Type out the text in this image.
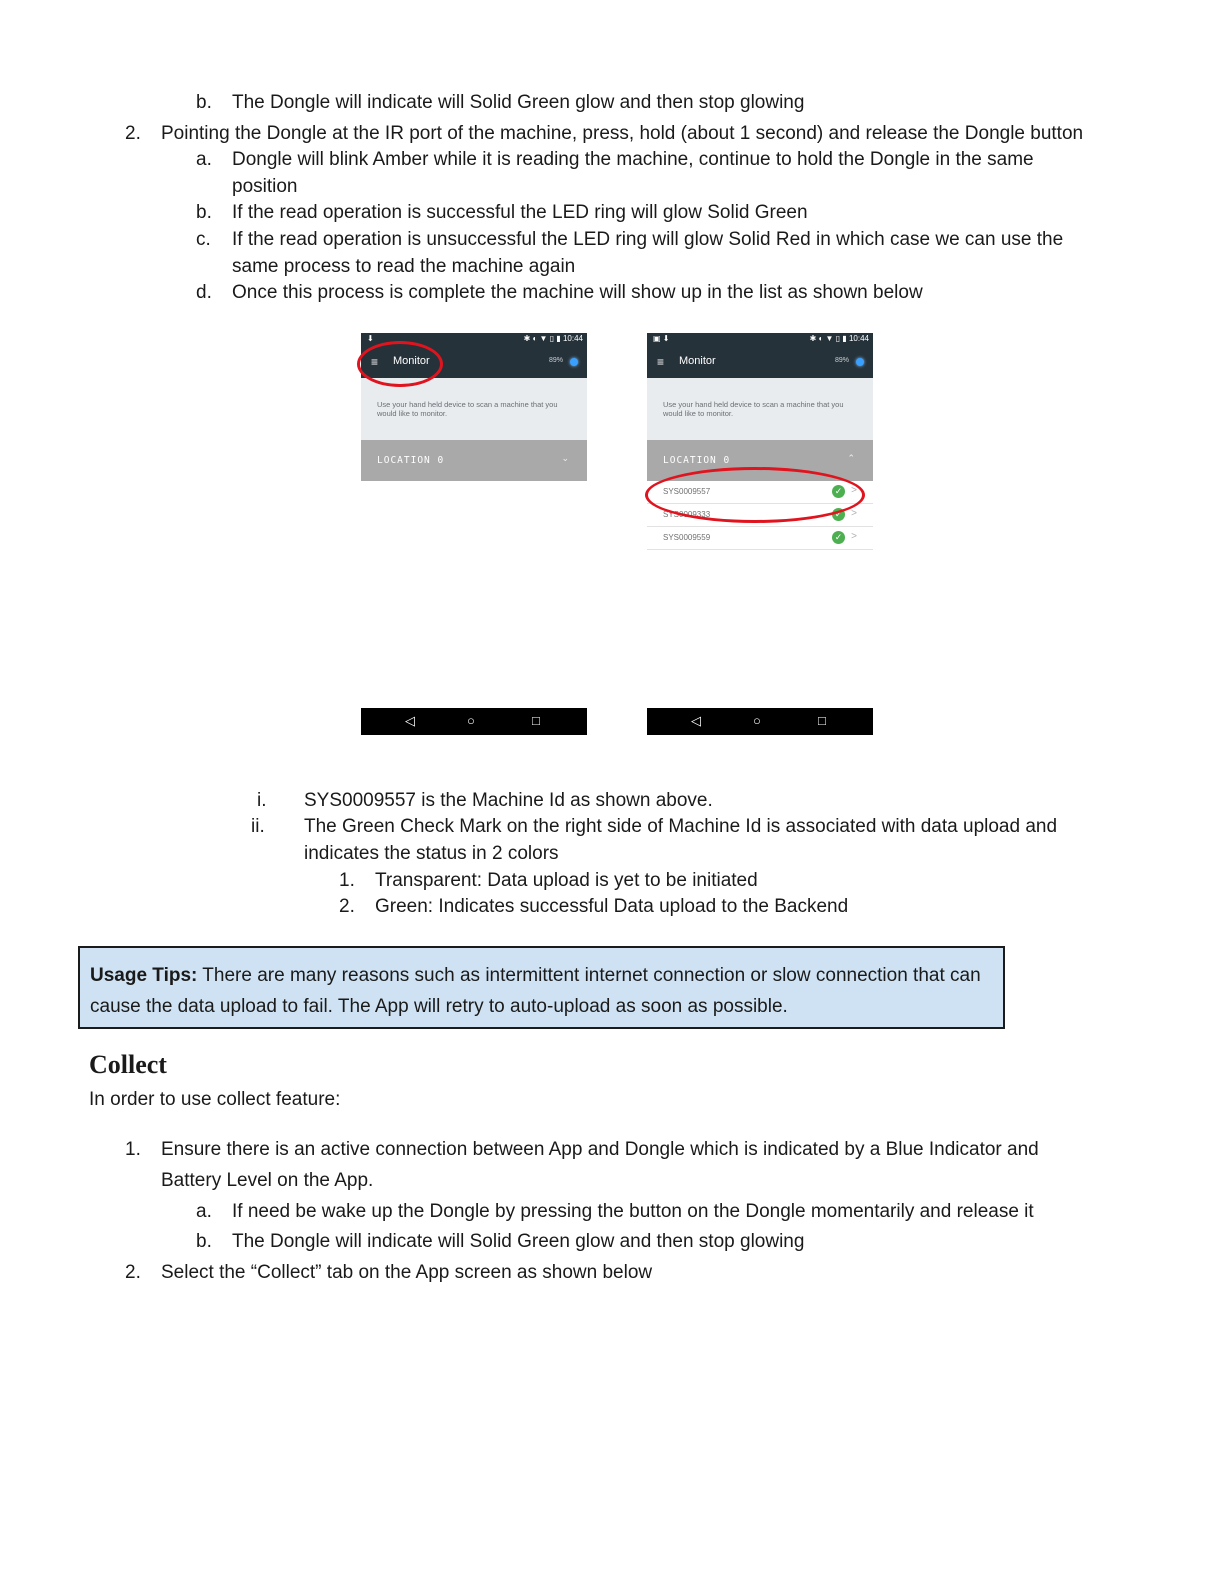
b. The Dongle will indicate will Solid Green glow and then stop glowing
2. Pointing the Dongle at the IR port of the machine, press, hold (about 1 second) and release the Dongle button
a. Dongle will blink Amber while it is reading the machine, continue to hold the Dongle in the same
position
b. If the read operation is successful the LED ring will glow Solid Green
c. If the read operation is unsuccessful the LED ring will glow Solid Red in which case we can use the
same process to read the machine again
d. Once this process is complete the machine will show up in the list as shown below
⬇	✱ ◐ ▼ ▯ ▮ 10:44
≡ Monitor	89%
Use your hand held device to scan a machine that you would like to monitor.
LOCATION 0	⌄
◁	○	□
▣ ⬇	✱ ◐ ▼ ▯ ▮ 10:44
≡ Monitor	89%
Use your hand held device to scan a machine that you would like to monitor.
LOCATION 0	⌃
SYS0009557	✓ >
SYS0009333	✓ >
SYS0009559	✓ >
◁	○	□
i. SYS0009557 is the Machine Id as shown above.
ii. The Green Check Mark on the right side of Machine Id is associated with data upload and
indicates the status in 2 colors
1. Transparent: Data upload is yet to be initiated
2. Green: Indicates successful Data upload to the Backend

Usage Tips: There are many reasons such as intermittent internet connection or slow connection that can cause the data upload to fail. The App will retry to auto-upload as soon as possible.

Collect
In order to use collect feature:
1. Ensure there is an active connection between App and Dongle which is indicated by a Blue Indicator and
Battery Level on the App.
a. If need be wake up the Dongle by pressing the button on the Dongle momentarily and release it
b. The Dongle will indicate will Solid Green glow and then stop glowing
2. Select the “Collect” tab on the App screen as shown below
